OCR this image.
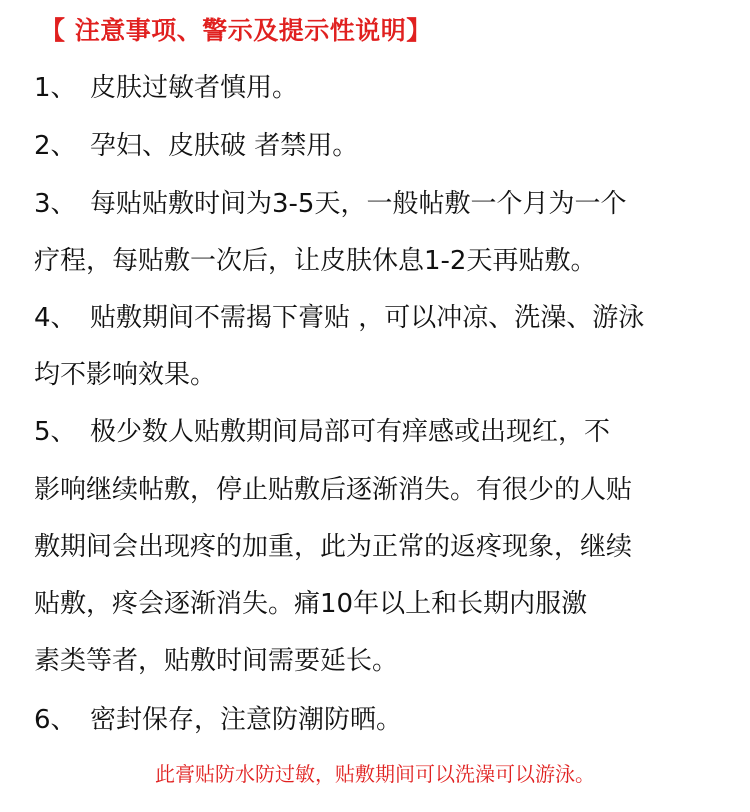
【 注意事项、警示及提示性说明】
1、 皮肤过敏者慎用。
2、 孕妇、皮肤破 者禁用。
3、 每贴贴敷时间为3-5天，一般帖敷一个月为一个
疗程，每贴敷一次后，让皮肤休息1-2天再贴敷。
4、 贴敷期间不需揭下膏贴 ，可以冲凉、洗澡、游泳
均不影响效果。
5、 极少数人贴敷期间局部可有痒感或出现红，不
影响继续帖敷，停止贴敷后逐渐消失。有很少的人贴
敷期间会出现疼的加重，此为正常的返疼现象，继续
贴敷，疼会逐渐消失。痛10年以上和长期内服激
素类等者，贴敷时间需要延长。
6、 密封保存，注意防潮防晒。
此膏贴防水防过敏，贴敷期间可以洗澡可以游泳。
